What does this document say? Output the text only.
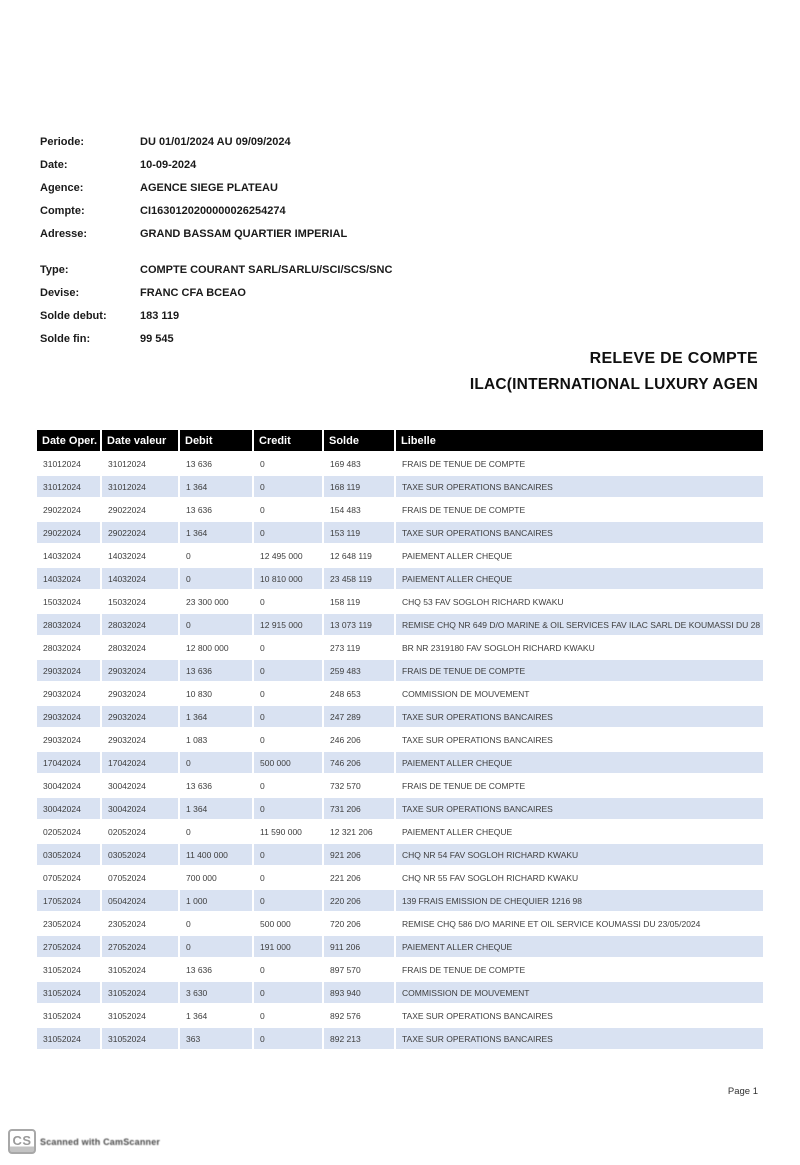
Periode:	DU 01/01/2024 AU 09/09/2024
Date:	10-09-2024
Agence:	AGENCE SIEGE PLATEAU
Compte:	CI1630120200000026254274
Adresse:	GRAND BASSAM QUARTIER IMPERIAL
Type:	COMPTE COURANT SARL/SARLU/SCI/SCS/SNC
Devise:	FRANC CFA BCEAO
Solde debut:	183 119
Solde fin:	99 545
RELEVE DE COMPTE
ILAC(INTERNATIONAL LUXURY AGEN
Date Oper.	Date valeur	Debit	Credit	Solde	Libelle
31012024	31012024	13 636	0	169 483	FRAIS DE TENUE DE COMPTE
31012024	31012024	1 364	0	168 119	TAXE SUR OPERATIONS BANCAIRES
29022024	29022024	13 636	0	154 483	FRAIS DE TENUE DE COMPTE
29022024	29022024	1 364	0	153 119	TAXE SUR OPERATIONS BANCAIRES
14032024	14032024	0	12 495 000	12 648 119	PAIEMENT ALLER CHEQUE
14032024	14032024	0	10 810 000	23 458 119	PAIEMENT ALLER CHEQUE
15032024	15032024	23 300 000	0	158 119	CHQ 53 FAV SOGLOH RICHARD KWAKU
28032024	28032024	0	12 915 000	13 073 119	REMISE CHQ NR 649 D/O MARINE & OIL SERVICES FAV ILAC SARL DE KOUMASSI DU 28
28032024	28032024	12 800 000	0	273 119	BR NR 2319180 FAV SOGLOH RICHARD KWAKU
29032024	29032024	13 636	0	259 483	FRAIS DE TENUE DE COMPTE
29032024	29032024	10 830	0	248 653	COMMISSION DE MOUVEMENT
29032024	29032024	1 364	0	247 289	TAXE SUR OPERATIONS BANCAIRES
29032024	29032024	1 083	0	246 206	TAXE SUR OPERATIONS BANCAIRES
17042024	17042024	0	500 000	746 206	PAIEMENT ALLER CHEQUE
30042024	30042024	13 636	0	732 570	FRAIS DE TENUE DE COMPTE
30042024	30042024	1 364	0	731 206	TAXE SUR OPERATIONS BANCAIRES
02052024	02052024	0	11 590 000	12 321 206	PAIEMENT ALLER CHEQUE
03052024	03052024	11 400 000	0	921 206	CHQ NR 54 FAV SOGLOH RICHARD KWAKU
07052024	07052024	700 000	0	221 206	CHQ NR 55 FAV SOGLOH RICHARD KWAKU
17052024	05042024	1 000	0	220 206	139 FRAIS EMISSION DE CHEQUIER 1216 98
23052024	23052024	0	500 000	720 206	REMISE CHQ 586 D/O MARINE ET OIL SERVICE KOUMASSI DU 23/05/2024
27052024	27052024	0	191 000	911 206	PAIEMENT ALLER CHEQUE
31052024	31052024	13 636	0	897 570	FRAIS DE TENUE DE COMPTE
31052024	31052024	3 630	0	893 940	COMMISSION DE MOUVEMENT
31052024	31052024	1 364	0	892 576	TAXE SUR OPERATIONS BANCAIRES
31052024	31052024	363	0	892 213	TAXE SUR OPERATIONS BANCAIRES
Page 1
CS Scanned with CamScanner
